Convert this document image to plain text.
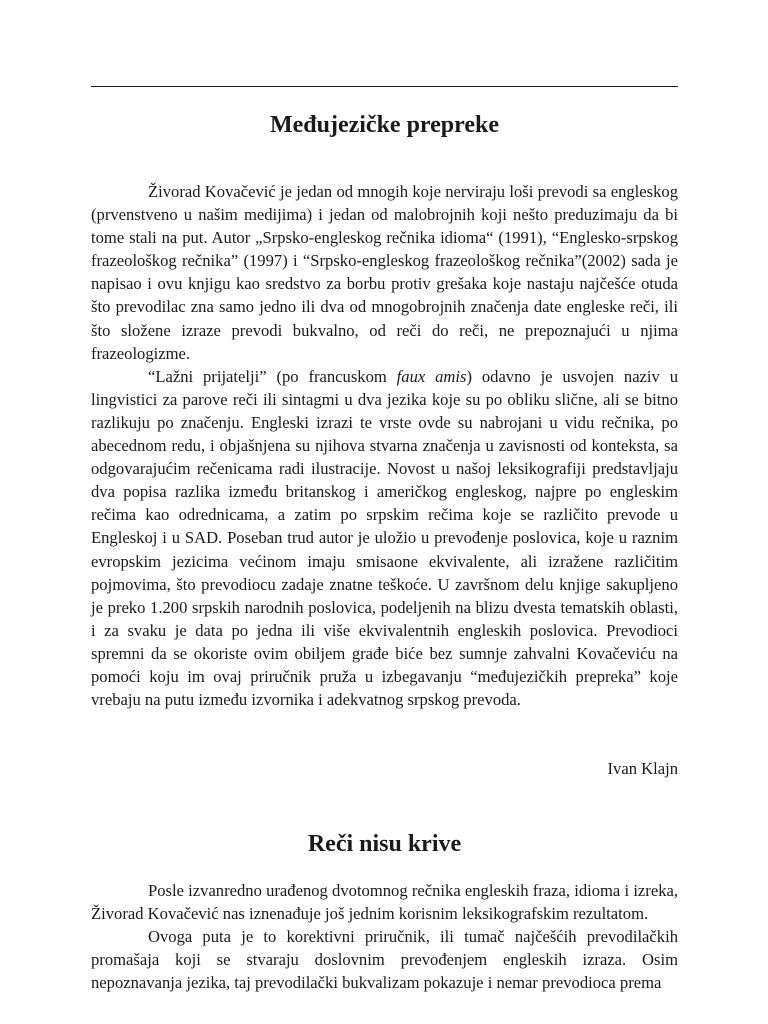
Međujezičke prepreke

Živorad Kovačević je jedan od mnogih koje nerviraju loši prevodi sa engleskog (prvenstveno u našim medijima) i jedan od malobrojnih koji nešto preduzimaju da bi tome stali na put. Autor „Srpsko-engleskog rečnika idioma“ (1991), “Englesko-srpskog frazeološkog rečnika” (1997) i “Srpsko-engleskog frazeološkog rečnika”(2002) sada je napisao i ovu knjigu kao sredstvo za borbu protiv grešaka koje nastaju najčešće otuda što prevodilac zna samo jedno ili dva od mnogobrojnih značenja date engleske reči, ili što složene izraze prevodi bukvalno, od reči do reči, ne prepoznajući u njima frazeologizme.

“Lažni prijatelji” (po francuskom faux amis) odavno je usvojen naziv u lingvistici za parove reči ili sintagmi u dva jezika koje su po obliku slične, ali se bitno razlikuju po značenju. Engleski izrazi te vrste ovde su nabrojani u vidu rečnika, po abecednom redu, i objašnjena su njihova stvarna značenja u zavisnosti od konteksta, sa odgovarajućim rečenicama radi ilustracije. Novost u našoj leksikografiji predstavljaju dva popisa razlika između britanskog i američkog engleskog, najpre po engleskim rečima kao odrednicama, a zatim po srpskim rečima koje se različito prevode u Engleskoj i u SAD. Poseban trud autor je uložio u prevođenje poslovica, koje u raznim evropskim jezicima većinom imaju smisaone ekvivalente, ali izražene različitim pojmovima, što prevodiocu zadaje znatne teškoće. U završnom delu knjige sakupljeno je preko 1.200 srpskih narodnih poslovica, podeljenih na blizu dvesta tematskih oblasti, i za svaku je data po jedna ili više ekvivalentnih engleskih poslovica. Prevodioci spremni da se okoriste ovim obiljem građe biće bez sumnje zahvalni Kovačeviću na pomoći koju im ovaj priručnik pruža u izbegavanju “međujezičkih prepreka” koje vrebaju na putu između izvornika i adekvatnog srpskog prevoda.

Ivan Klajn
Reči nisu krive

Posle izvanredno urađenog dvotomnog rečnika engleskih fraza, idioma i izreka, Živorad Kovačević nas iznenađuje još jednim korisnim leksikografskim rezultatom.

Ovoga puta je to korektivni priručnik, ili tumač najčešćih prevodilačkih promašaja koji se stvaraju doslovnim prevođenjem engleskih izraza. Osim nepoznavanja jezika, taj prevodilački bukvalizam pokazuje i nemar prevodioca prema
